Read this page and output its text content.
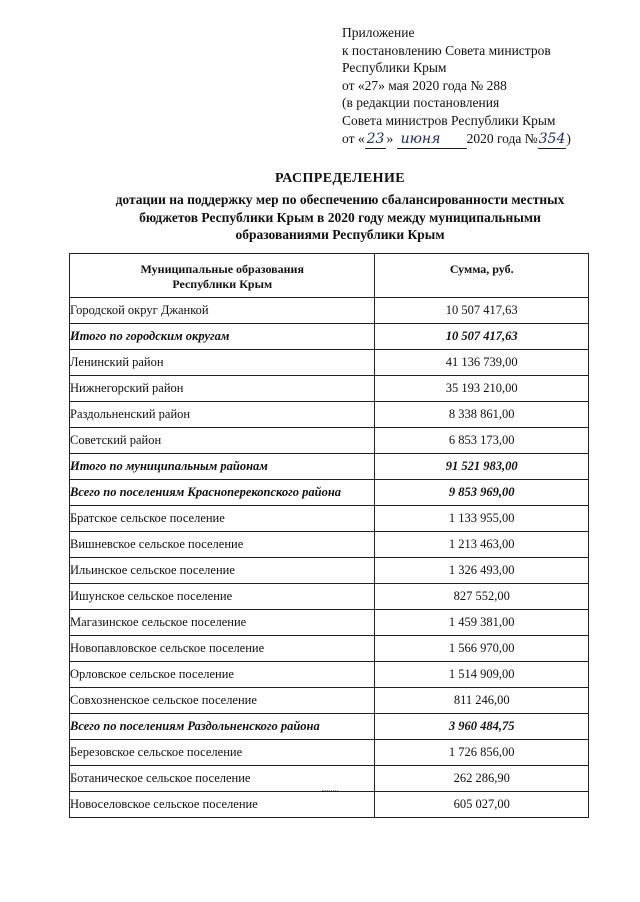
Приложение
к постановлению Совета министров
Республики Крым
от «27» мая 2020 года № 288
(в редакции постановления
Совета министров Республики Крым
от « 23 » июня 2020 года №354)
РАСПРЕДЕЛЕНИЕ
дотации на поддержку мер по обеспечению сбалансированности местных
бюджетов Республики Крым в 2020 году между муниципальными
образованиями Республики Крым
Муниципальные образования
Республики Крым	Сумма, руб.
Городской округ Джанкой	10 507 417,63
Итого по городским округам	10 507 417,63
Ленинский район	41 136 739,00
Нижнегорский район	35 193 210,00
Раздольненский район	8 338 861,00
Советский район	6 853 173,00
Итого по муниципальным районам	91 521 983,00
Всего по поселениям Красноперекопского района	9 853 969,00
Братское сельское поселение	1 133 955,00
Вишневское сельское поселение	1 213 463,00
Ильинское сельское поселение	1 326 493,00
Ишунское сельское поселение	827 552,00
Магазинское сельское поселение	1 459 381,00
Новопавловское сельское поселение	1 566 970,00
Орловское сельское поселение	1 514 909,00
Совхозненское сельское поселение	811 246,00
Всего по поселениям Раздольненского района	3 960 484,75
Березовское сельское поселение	1 726 856,00
Ботаническое сельское поселение	262 286,90
Новоселовское сельское поселение	605 027,00
